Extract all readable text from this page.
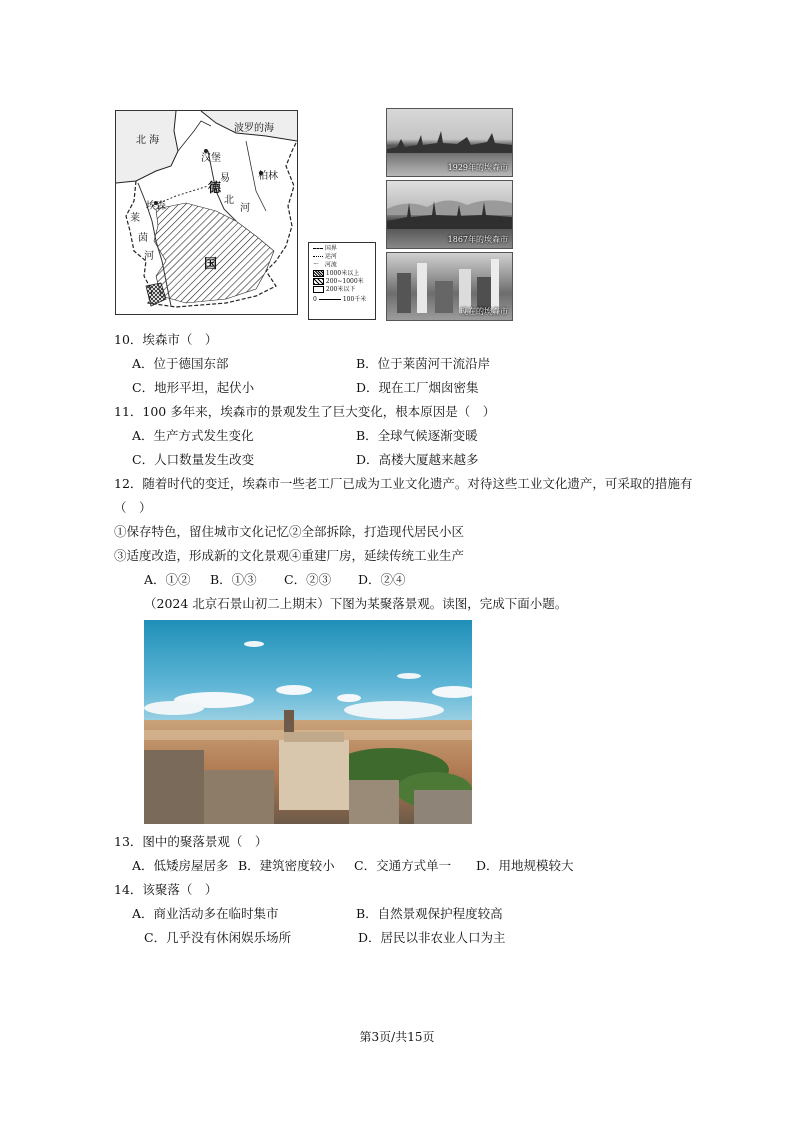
北 海
波罗的海
汉堡
柏林
德
国
埃森
易
北
河
莱
茵
河
国界
运河
～ 河流
1000米以上
200~1000米
200米以下
0	100千米
1929年的埃森市
1867年的埃森市
现在的埃森市
10．埃森市（　）
A．位于德国东部	B．位于莱茵河干流沿岸
C．地形平坦，起伏小	D．现在工厂烟囱密集
11．100 多年来，埃森市的景观发生了巨大变化，根本原因是（　）
A．生产方式发生变化	B．全球气候逐渐变暖
C．人口数量发生改变	D．高楼大厦越来越多
12．随着时代的变迁，埃森市一些老工厂已成为工业文化遗产。对待这些工业文化遗产，可采取的措施有
（　）
①保存特色，留住城市文化记忆②全部拆除，打造现代居民小区
③适度改造，形成新的文化景观④重建厂房，延续传统工业生产
A．①② B．①③ C．②③ D．②④
（2024 北京石景山初二上期末）下图为某聚落景观。读图，完成下面小题。
13．图中的聚落景观（　）
A．低矮房屋居多 B．建筑密度较小 C．交通方式单一 D．用地规模较大
14．该聚落（　）
A．商业活动多在临时集市	B．自然景观保护程度较高
C．几乎没有休闲娱乐场所	D．居民以非农业人口为主
第3页/共15页
